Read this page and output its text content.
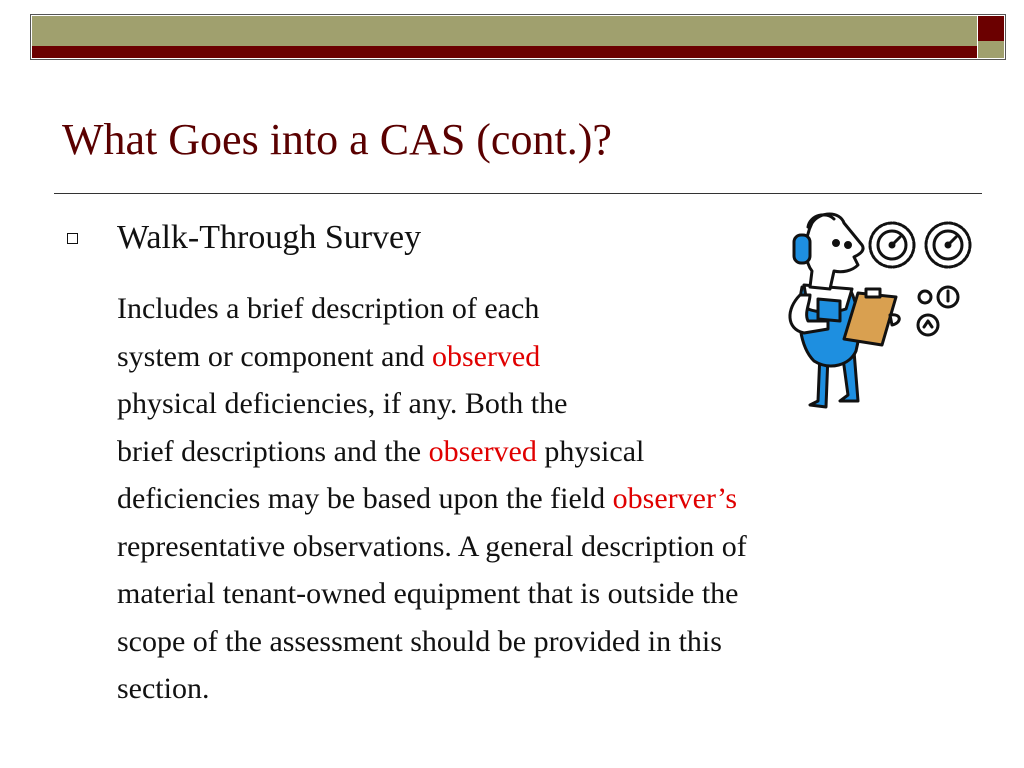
What Goes into a CAS (cont.)?
Walk-Through Survey
Includes a brief description of each
system or component and observed
physical deficiencies, if any. Both the
brief descriptions and the observed physical
deficiencies may be based upon the field observer’s
representative observations. A general description of
material tenant-owned equipment that is outside the
scope of the assessment should be provided in this
section.
